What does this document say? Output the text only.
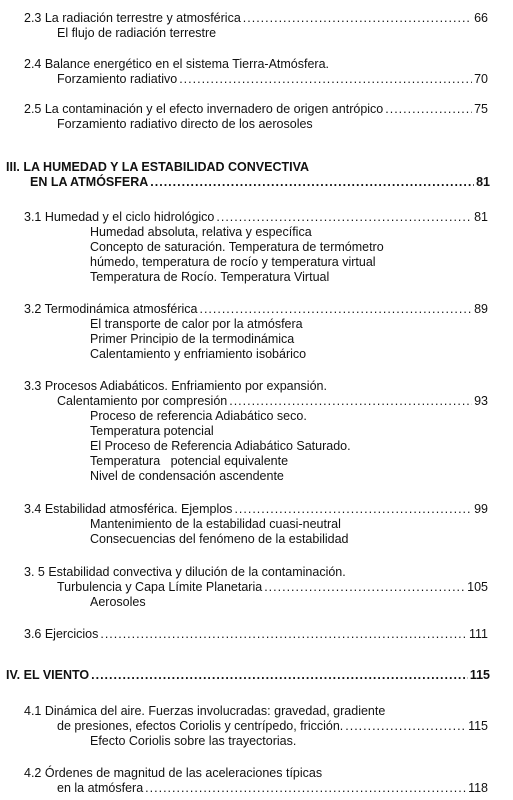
2.3 La radiación terrestre y atmosférica .....	66
El flujo de radiación terrestre
2.4 Balance energético en el sistema Tierra-Atmósfera.
Forzamiento radiativo .....	70
2.5 La contaminación y el efecto invernadero de origen antrópico .....	75
Forzamiento radiativo directo de los aerosoles
III. LA HUMEDAD Y LA ESTABILIDAD CONVECTIVA
EN LA ATMÓSFERA .....	81
3.1 Humedad y el ciclo hidrológico .....	81
Humedad absoluta, relativa y específica
Concepto de saturación. Temperatura de termómetro
húmedo, temperatura de rocío y temperatura virtual
Temperatura de Rocío. Temperatura Virtual
3.2 Termodinámica atmosférica .....	89
El transporte de calor por la atmósfera
Primer Principio de la termodinámica
Calentamiento y enfriamiento isobárico
3.3 Procesos Adiabáticos. Enfriamiento por expansión.
Calentamiento por compresión .....	93
Proceso de referencia Adiabático seco.
Temperatura potencial
El Proceso de Referencia Adiabático Saturado.
Temperatura   potencial equivalente
Nivel de condensación ascendente
3.4 Estabilidad atmosférica. Ejemplos .....	99
Mantenimiento de la estabilidad cuasi-neutral
Consecuencias del fenómeno de la estabilidad
3. 5 Estabilidad convectiva y dilución de la contaminación.
Turbulencia y Capa Límite Planetaria .....	105
Aerosoles
3.6 Ejercicios .....	111
IV. EL VIENTO .....	115
4.1 Dinámica del aire. Fuerzas involucradas: gravedad, gradiente
de presiones, efectos Coriolis y centrípedo, fricción. .....	115
Efecto Coriolis sobre las trayectorias.
4.2 Órdenes de magnitud de las aceleraciones típicas
en la atmósfera .....	118
